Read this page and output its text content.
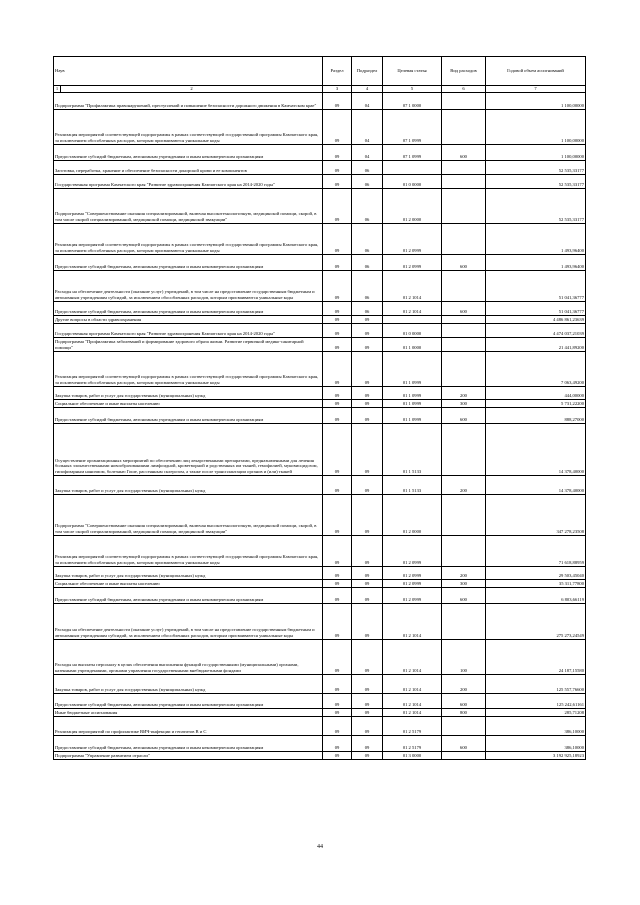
Наув		Раздел	Подраздел	Целевая статья	Вид расходов	Годовой объем ассигнований
1	2	3	4	5	6	7
Подпрограмма "Профилактика правонарушений, преступлений и повышение безопасности дорожного движения в Камчатском крае"		09	04	07 1 0000		1 100,00000
Реализация мероприятий соответствующей подпрограммы в рамках соответствующей государственной программы Камчатского края, за исключением обособленных расходов, которым присваиваются уникальные коды		09	04	07 1 0999		1 100,00000
Предоставление субсидий бюджетным, автономным учреждениям и иным некоммерческим организациям		09	04	07 1 0999	600	1 100,00000
Заготовка, переработка, хранение и обеспечение безопасности донорской крови и ее компонентов		09	06			52 535,33177
Государственная программа Камчатского края "Развитие здравоохранения Камчатского края на 2014-2020 годы"		09	06	01 0 0000		52 535,33177
Подпрограмма "Совершенствование оказания специализированной, включая высокотехнологичную, медицинской помощи, скорой, в том числе скорой специализированной, медицинской помощи, медицинской эвакуации"		09	06	01 2 0000		52 535,33177
Реализация мероприятий соответствующей подпрограммы в рамках соответствующей государственной программы Камчатского края, за исключением обособленных расходов, которым присваиваются уникальные коды		09	06	01 2 0999		1 493,96400
Предоставление субсидий бюджетным, автономным учреждениям и иным некоммерческим организациям		09	06	01 2 0999	600	1 493,96400
Расходы на обеспечение деятельности (оказание услуг) учреждений, в том числе на предоставление государственным бюджетным и автономным учреждениям субсидий, за исключением обособленных расходов, которым присваиваются уникальные коды		09	06	01 2 1014		51 041,36777
Предоставление субсидий бюджетным, автономным учреждениям и иным некоммерческим организациям		09	06	01 2 1014	600	51 041,36777
Другие вопросы в области здравоохранения		09	09			4 486 861,23639
Государственная программа Камчатского края "Развитие здравоохранения Камчатского края на 2014-2020 годы"		09	09	01 0 0000		4 474 037,21039
Подпрограмма "Профилактика заболеваний и формирование здорового образа жизни. Развитие первичной медико-санитарной помощи"		09	09	01 1 0000		21 441,89200
Реализация мероприятий соответствующей подпрограммы в рамках соответствующей государственной программы Камчатского края, за исключением обособленных расходов, которым присваиваются уникальные коды		09	09	01 1 0999		7 063,49200
Закупка товаров, работ и услуг для государственных (муниципальных) нужд		09	09	01 1 0999	200	444,00000
Социальное обеспечение и иные выплаты населению		09	09	01 1 0999	300	5 731,22200
Предоставление субсидий бюджетным, автономным учреждениям и иным некоммерческим организациям		09	09	01 1 0999	600	888,27000
Осуществление организационных мероприятий по обеспечению лиц лекарственными препаратами, предназначенными для лечения больных злокачественными новообразованиями лимфоидной, кроветворной и родственных им тканей, гемофилией, муковисцидозом, гипофизарным нанизмом, болезнью Гоше, рассеянным склерозом, а также после трансплантации органов и (или) тканей		09	09	01 1 5133		14 378,40000
Закупка товаров, работ и услуг для государственных (муниципальных) нужд		09	09	01 1 5133	200	14 378,40000
Подпрограмма "Совершенствование оказания специализированной, включая высокотехнологичную, медицинской помощи, скорой, в том числе скорой специализированной, медицинской помощи, медицинской эвакуации"		09	09	01 2 0000		347 278,23508
Реализация мероприятий соответствующей подпрограммы в рамках соответствующей государственной программы Камчатского края, за исключением обособленных расходов, которым присваиваются уникальные коды		09	09	01 2 0999		71 618,88959
Закупка товаров, работ и услуг для государственных (муниципальных) нужд		09	09	01 2 0999	200	29 503,45040
Социальное обеспечение и иные выплаты населению		09	09	01 2 0999	300	35 311,77800
Предоставление субсидий бюджетным, автономным учреждениям и иным некоммерческим организациям		09	09	01 2 0999	600	6 803,66119
Расходы на обеспечение деятельности (оказание услуг) учреждений, в том числе на предоставление государственным бюджетным и автономным учреждениям субсидий, за исключением обособленных расходов, которым присваиваются уникальные коды		09	09	01 2 1014		275 273,24549
Расходы на выплаты персоналу в целях обеспечения выполнения функций государственными (муниципальными) органами, казенными учреждениями, органами управления государственными внебюджетными фондами		09	09	01 2 1014	100	24 187,15580
Закупка товаров, работ и услуг для государственных (муниципальных) нужд		09	09	01 2 1014	200	125 557,76600
Предоставление субсидий бюджетным, автономным учреждениям и иным некоммерческим организациям		09	09	01 2 1014	600	125 242,61161
Иные бюджетные ассигнования		09	09	01 2 1014	800	285,71208
Реализация мероприятий по профилактике ВИЧ-инфекции и гепатитов В и С		09	09	01 2 5179		386,10000
Предоставление субсидий бюджетным, автономным учреждениям и иным некоммерческим организациям		09	09	01 2 5179	600	386,10000
Подпрограмма "Управление развитием отрасли"		09	09	01 3 0000		3 192 925,18923
44
